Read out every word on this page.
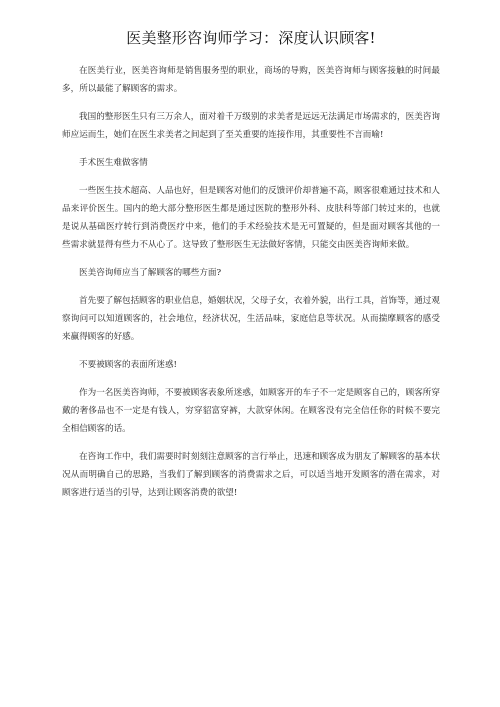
医美整形咨询师学习：深度认识顾客!

在医美行业，医美咨询师是销售服务型的职业，商场的导购，医美咨询师与顾客接触的时间最多，所以最能了解顾客的需求。

我国的整形医生只有三万余人，面对着千万级别的求美者是远远无法满足市场需求的，医美咨询师应运而生，她们在医生求美者之间起到了至关重要的连接作用，其重要性不言而喻!

手术医生难做客情

一些医生技术超高、人品也好，但是顾客对他们的反馈评价却普遍不高，顾客很难通过技术和人品来评价医生。国内的绝大部分整形医生都是通过医院的整形外科、皮肤科等部门转过来的，也就是说从基础医疗转行到消费医疗中来，他们的手术经验技术是无可置疑的，但是面对顾客其他的一些需求就显得有些力不从心了。这导致了整形医生无法做好客情，只能交由医美咨询师来做。

医美咨询师应当了解顾客的哪些方面?

首先要了解包括顾客的职业信息，婚姻状况，父母子女，衣着外貌，出行工具，首饰等，通过观察询问可以知道顾客的，社会地位，经济状况，生活品味，家庭信息等状况。从而揣摩顾客的感受来赢得顾客的好感。

不要被顾客的表面所迷惑!

作为一名医美咨询师，不要被顾客表象所迷惑，如顾客开的车子不一定是顾客自己的，顾客所穿戴的奢侈品也不一定是有钱人，穷穿貂富穿裤，大款穿休闲。在顾客没有完全信任你的时候不要完全相信顾客的话。

在咨询工作中，我们需要时时刻刻注意顾客的言行举止，迅速和顾客成为朋友了解顾客的基本状况从而明确自己的思路，当我们了解到顾客的消费需求之后，可以适当地开发顾客的潜在需求，对顾客进行适当的引导，达到让顾客消费的欲望!
